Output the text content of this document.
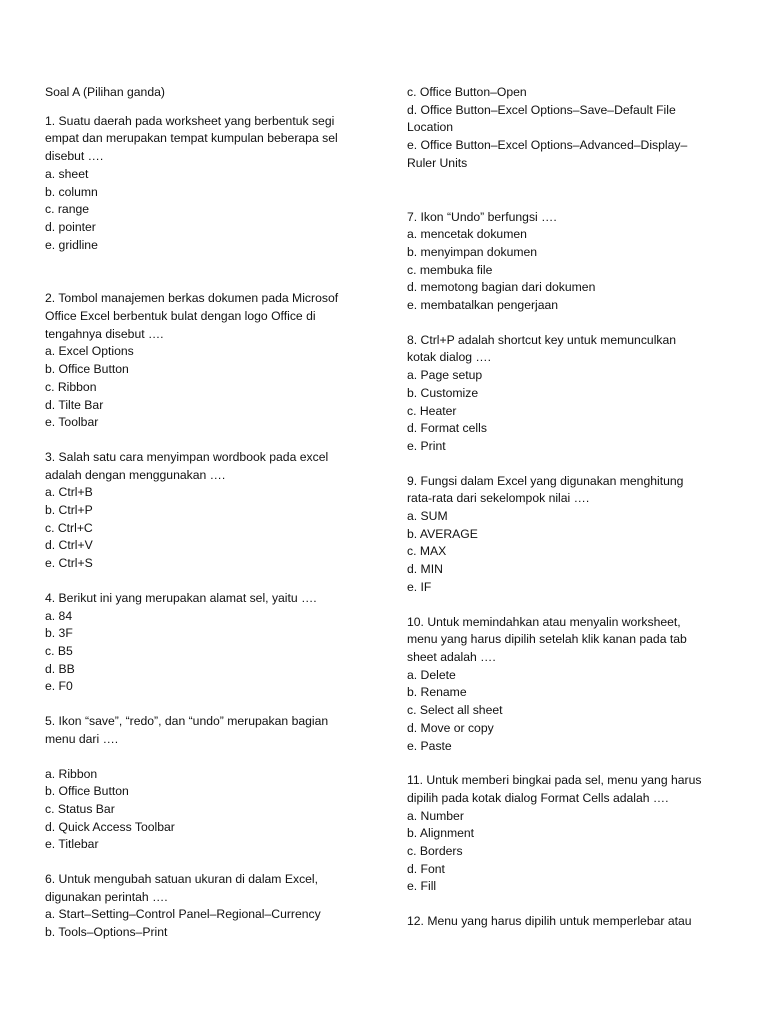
Soal A (Pilihan ganda)
1. Suatu daerah pada worksheet yang berbentuk segi
empat dan merupakan tempat kumpulan beberapa sel
disebut ….
a. sheet
b. column
c. range
d. pointer
e. gridline
2. Tombol manajemen berkas dokumen pada Microsof
Office Excel berbentuk bulat dengan logo Office di
tengahnya disebut ….
a. Excel Options
b. Office Button
c. Ribbon
d. Tilte Bar
e. Toolbar
3. Salah satu cara menyimpan wordbook pada excel
adalah dengan menggunakan ….
a. Ctrl+B
b. Ctrl+P
c. Ctrl+C
d. Ctrl+V
e. Ctrl+S
4. Berikut ini yang merupakan alamat sel, yaitu ….
a. 84
b. 3F
c. B5
d. BB
e. F0
5. Ikon “save”, “redo”, dan “undo” merupakan bagian
menu dari ….
a. Ribbon
b. Office Button
c. Status Bar
d. Quick Access Toolbar
e. Titlebar
6. Untuk mengubah satuan ukuran di dalam Excel,
digunakan perintah ….
a. Start–Setting–Control Panel–Regional–Currency
b. Tools–Options–Print
c. Office Button–Open
d. Office Button–Excel Options–Save–Default File
Location
e. Office Button–Excel Options–Advanced–Display–
Ruler Units
7. Ikon “Undo” berfungsi ….
a. mencetak dokumen
b. menyimpan dokumen
c. membuka file
d. memotong bagian dari dokumen
e. membatalkan pengerjaan
8. Ctrl+P adalah shortcut key untuk memunculkan
kotak dialog ….
a. Page setup
b. Customize
c. Heater
d. Format cells
e. Print
9. Fungsi dalam Excel yang digunakan menghitung
rata-rata dari sekelompok nilai ….
a. SUM
b. AVERAGE
c. MAX
d. MIN
e. IF
10. Untuk memindahkan atau menyalin worksheet,
menu yang harus dipilih setelah klik kanan pada tab
sheet adalah ….
a. Delete
b. Rename
c. Select all sheet
d. Move or copy
e. Paste
11. Untuk memberi bingkai pada sel, menu yang harus
dipilih pada kotak dialog Format Cells adalah ….
a. Number
b. Alignment
c. Borders
d. Font
e. Fill
12. Menu yang harus dipilih untuk memperlebar atau
